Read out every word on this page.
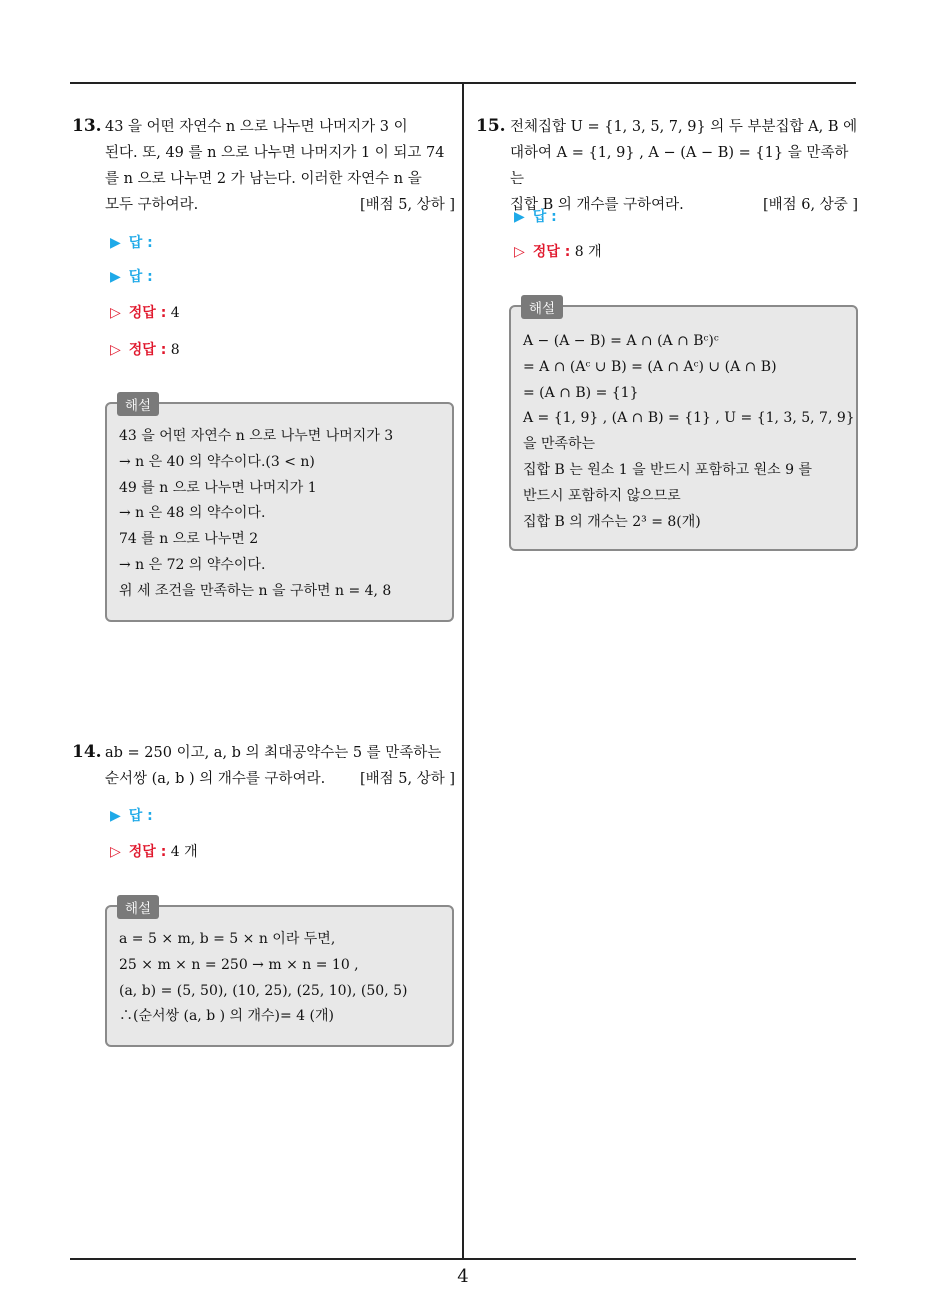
13. 43 을 어떤 자연수 n 으로 나누면 나머지가 3 이

된다. 또, 49 를 n 으로 나누면 나머지가 1 이 되고 74

를 n 으로 나누면 2 가 남는다. 이러한 자연수 n 을

모두 구하여라.	[배점 5, 상하 ]

▶ 답 :
▶ 답 :
▷ 정답 : 4
▷ 정답 : 8
해설
43 을 어떤 자연수 n 으로 나누면 나머지가 3
→ n 은 40 의 약수이다.(3 < n)
49 를 n 으로 나누면 나머지가 1
→ n 은 48 의 약수이다.
74 를 n 으로 나누면 2
→ n 은 72 의 약수이다.
위 세 조건을 만족하는 n 을 구하면 n = 4, 8
14. ab = 250 이고, a, b 의 최대공약수는 5 를 만족하는

순서쌍 (a, b ) 의 개수를 구하여라. [배점 5, 상하 ]

▶ 답 :
▷ 정답 : 4 개
해설
a = 5 × m, b = 5 × n 이라 두면,
25 × m × n = 250 → m × n = 10 ,
(a, b) = (5, 50), (10, 25), (25, 10), (50, 5)
∴(순서쌍 (a, b ) 의 개수)= 4 (개)
15. 전체집합 U = {1, 3, 5, 7, 9} 의 두 부분집합 A, B 에

대하여 A = {1, 9} , A − (A − B) = {1} 을 만족하는

집합 B 의 개수를 구하여라.	[배점 6, 상중 ]

▶ 답 :
▷ 정답 : 8 개
해설
A − (A − B) = A ∩ (A ∩ Bᶜ)ᶜ
= A ∩ (Aᶜ ∪ B) = (A ∩ Aᶜ) ∪ (A ∩ B)
= (A ∩ B) = {1}
A = {1, 9} , (A ∩ B) = {1} , U = {1, 3, 5, 7, 9}
을 만족하는
집합 B 는 원소 1 을 반드시 포함하고 원소 9 를
반드시 포함하지 않으므로
집합 B 의 개수는 2³ = 8(개)
4
